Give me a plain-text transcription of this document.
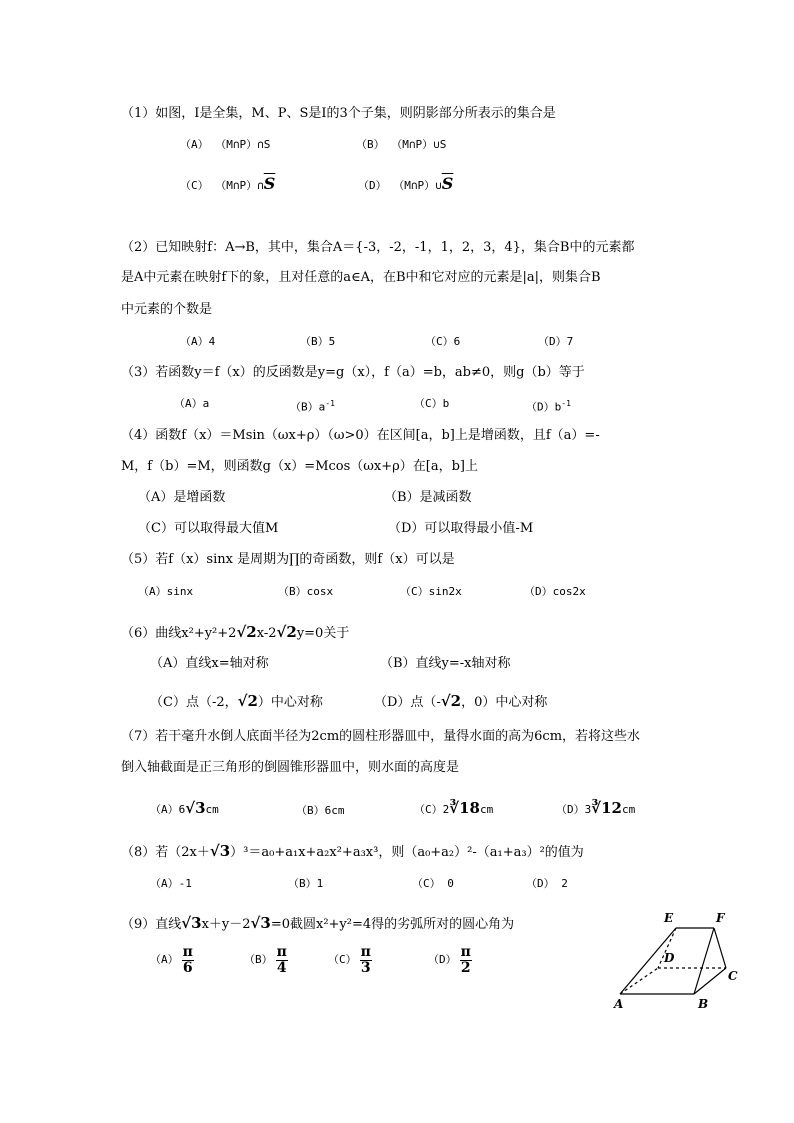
（1）如图，I是全集，M、P、S是I的3个子集，则阴影部分所表示的集合是
（A） （M∩P）∩S	（B） （M∩P）∪S
（C） $(M\cap P)\cap\overline{S}$	（D） $(M\cap P)\cup\overline{S}$
（2）已知映射f：A→B，其中，集合A＝{-3，-2，-1，1，2，3，4}，集合B中的元素都
是A中元素在映射f下的象，且对任意的a∈A，在B中和它对应的元素是|a|，则集合B
中元素的个数是
（A）4	（B）5	（C）6	（D）7
（3）若函数y＝f（x）的反函数是y=g（x），f（a）=b，ab≠0，则g（b）等于
（A）a	$(B)a^{-1}$	（C）b	$(D)b^{-1}$
（4）函数f（x）＝Msin（ωx+ρ）（ω>0）在区间[a，b]上是增函数，且f（a）=-
M，f（b）=M，则函数g（x）=Mcos（ωx+ρ）在[a，b]上
（A）是增函数	（B）是减函数
（C）可以取得最大值M	（D）可以取得最小值-M
（5）若f（x）sinx 是周期为∏的奇函数，则f（x）可以是
（A）sinx	（B）cosx	（C）sin2x	（D）cos2x
（6）曲线x²+y²+2√2x-2√2y=0关于
（A）直线x=轴对称	（B）直线y=-x轴对称
（C）点（-2，√2）中心对称	（D）点（-√2，0）中心对称
（7）若干毫升水倒人底面半径为2cm的圆柱形器皿中，量得水面的高为6cm，若将这些水
倒入轴截面是正三角形的倒圆锥形器皿中，则水面的高度是
（A）6√3cm	（B）6cm	（C）2∛18cm	（D）3∛12cm
（8）若（2x＋√3）³＝a₀+a₁x+a₂x²+a₃x³，则（a₀+a₂）²-（a₁+a₃）²的值为
（A）-1	（B）1	（C） 0	（D） 2
（9）直线√3x＋y－2√3=0截圆x²+y²=4得的劣弧所对的圆心角为
$(A) \frac{\pi}{6}$	$(B) \frac{\pi}{4}$	$(C) \frac{\pi}{3}$	$(D) \frac{\pi}{2}$
E	F
D
C
A	B
